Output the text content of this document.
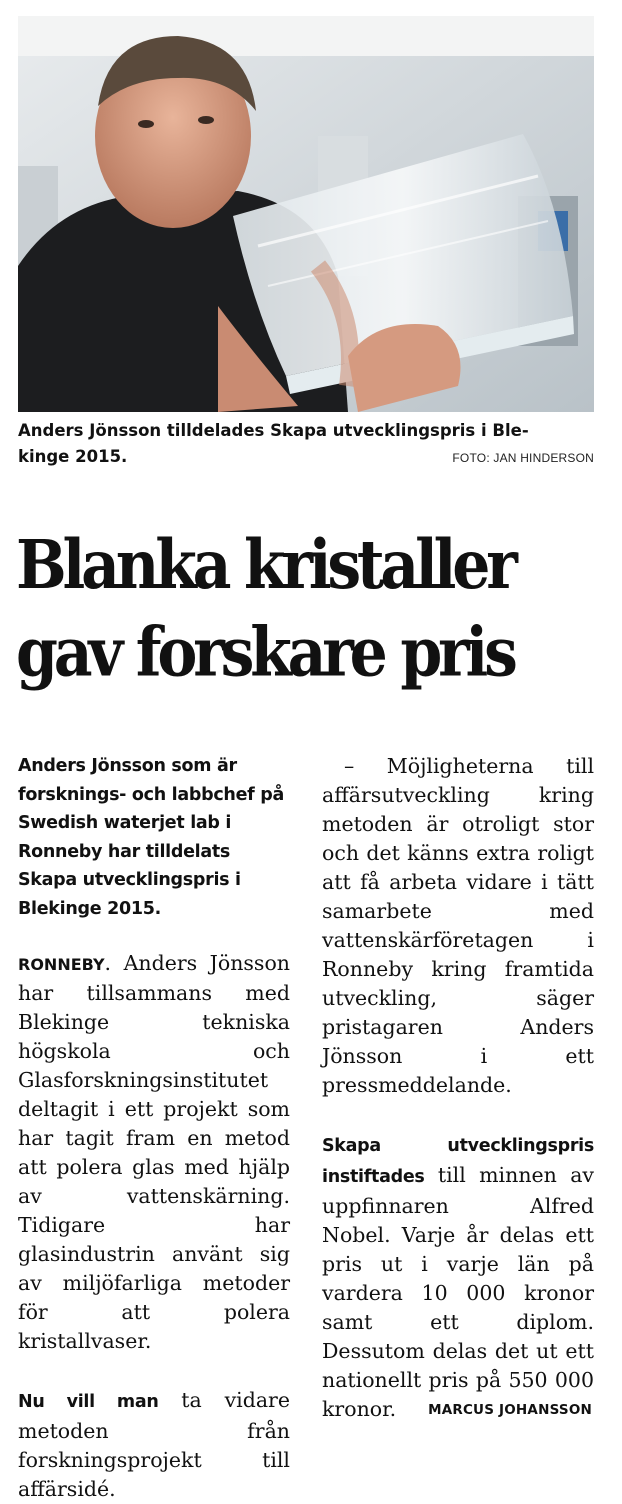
Anders Jönsson tilldelades Skapa utvecklingspris i Ble-
kinge 2015.	FOTO: JAN HINDERSON
Blanka kristaller
gav forskare pris

Anders Jönsson som är forsknings- och labbchef på Swedish waterjet lab i Ronneby har tilldelats Skapa utvecklingspris i Blekinge 2015.

RONNEBY. Anders Jönsson har tillsammans med Blekinge tekniska högskola och Glasforskningsinstitutet deltagit i ett projekt som har tagit fram en metod att polera glas med hjälp av vattenskärning. Tidigare har glasindustrin använt sig av miljöfarliga metoder för att polera kristallvaser.

Nu vill man ta vidare metoden från forskningsprojekt till affärsidé.

– Möjligheterna till affärsutveckling kring metoden är otroligt stor och det känns extra roligt att få arbeta vidare i tätt samarbete med vattenskärföretagen i Ronneby kring framtida utveckling, säger pristagaren Anders Jönsson i ett pressmeddelande.

Skapa utvecklingspris instiftades till minnen av uppfinnaren Alfred Nobel. Varje år delas ett pris ut i varje län på vardera 10 000 kronor samt ett diplom. Dessutom delas det ut ett nationellt pris på 550 000 kronor.	MARCUS JOHANSSON
